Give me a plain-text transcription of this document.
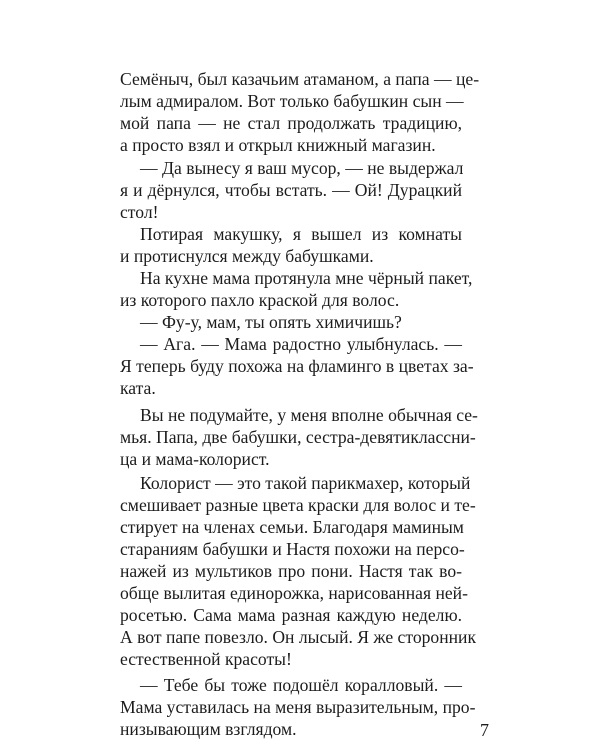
Семёныч, был казачьим атаманом, а папа — це-
лым адмиралом. Вот только бабушкин сын —
мой папа — не стал продолжать традицию,
а просто взял и открыл книжный магазин.
— Да вынесу я ваш мусор, — не выдержал
я и дёрнулся, чтобы встать. — Ой! Дурацкий
стол!
Потирая макушку, я вышел из комнаты
и протиснулся между бабушками.
На кухне мама протянула мне чёрный пакет,
из которого пахло краской для волос.
— Фу-у, мам, ты опять химичишь?
— Ага. — Мама радостно улыбнулась. —
Я теперь буду похожа на фламинго в цветах за-
ката.
Вы не подумайте, у меня вполне обычная се-
мья. Папа, две бабушки, сестра-девятиклассни-
ца и мама-колорист.
Колорист — это такой парикмахер, который
смешивает разные цвета краски для волос и те-
стирует на членах семьи. Благодаря маминым
стараниям бабушки и Настя похожи на персо-
нажей из мультиков про пони. Настя так во-
обще вылитая единорожка, нарисованная ней-
росетью. Сама мама разная каждую неделю.
А вот папе повезло. Он лысый. Я же сторонник
естественной красоты!
— Тебе бы тоже подошёл коралловый. —
Мама уставилась на меня выразительным, про-
низывающим взглядом.	7
